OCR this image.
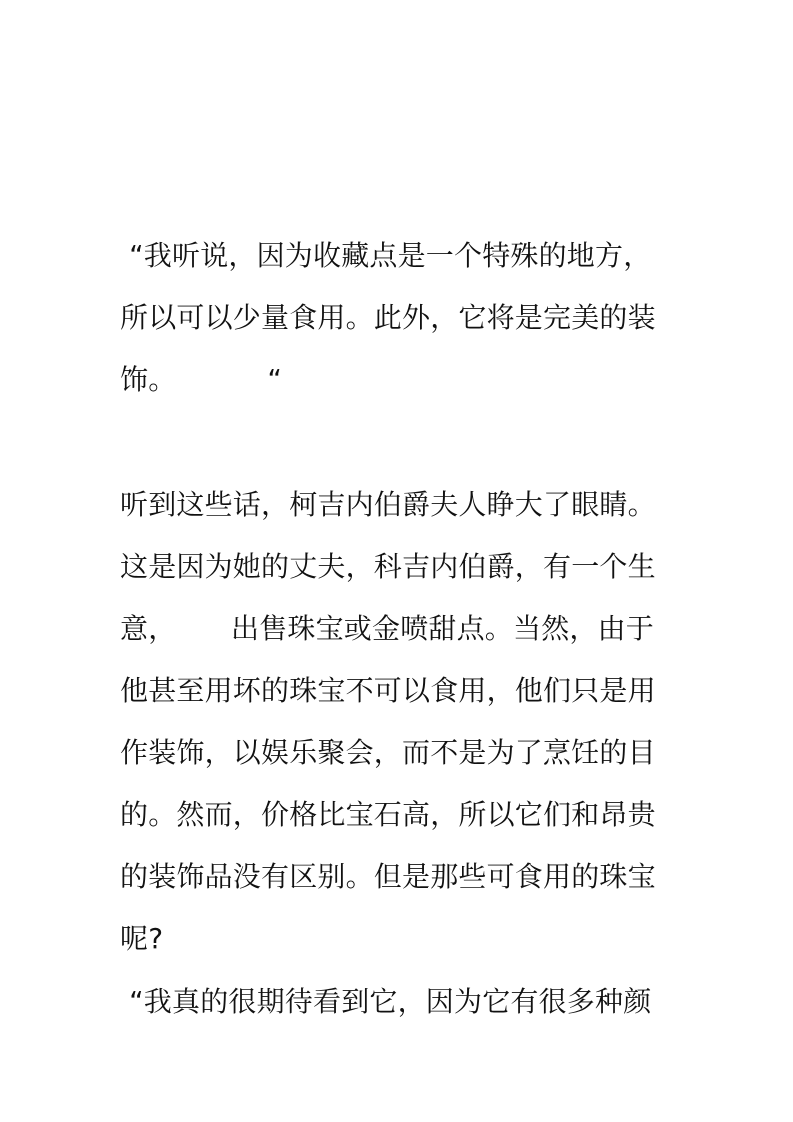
“我听说，因为收藏点是一个特殊的地方，
所以可以少量食用。此外，它将是完美的装
饰。          “
听到这些话，柯吉内伯爵夫人睁大了眼睛。
这是因为她的丈夫，科吉内伯爵，有一个生
意，      出售珠宝或金喷甜点。当然，由于
他甚至用坏的珠宝不可以食用，他们只是用
作装饰，以娱乐聚会，而不是为了烹饪的目
的。然而，价格比宝石高，所以它们和昂贵
的装饰品没有区别。但是那些可食用的珠宝
呢?
“我真的很期待看到它，因为它有很多种颜
